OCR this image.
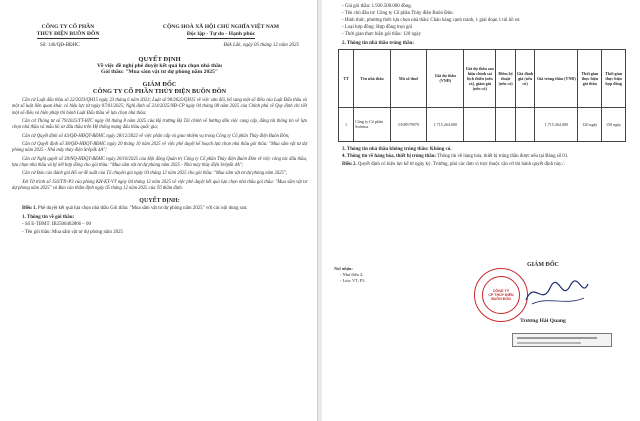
CÔNG TY CỔ PHẦN
THỦY ĐIỆN BUÔN ĐÔN
CỘNG HOÀ XÃ HỘI CHỦ NGHĨA VIỆT NAM
Độc lập - Tự do - Hạnh phúc
Số: 146/QĐ-BĐHC	Đắk Lắk, ngày 05 tháng 12 năm 2025
QUYẾT ĐỊNH
Về việc đề nghị phê duyệt kết quả lựa chọn nhà thầu
Gói thầu: "Mua sắm vật tư dự phòng năm 2025"
GIÁM ĐỐC
CÔNG TY CỔ PHẦN THỦY ĐIỆN BUÔN ĐÔN

Căn cứ Luật đấu thầu số 22/2023/QH15 ngày 23 tháng 6 năm 2023; Luật số 90/2025/QH15 về việc sửa đổi, bổ sung một số điều của Luật Đấu thầu và một số luật liên quan khác có hiệu lực từ ngày 07/01/2025; Nghị định số 214/2025/NĐ-CP ngày 04 tháng 08 năm 2025 của Chính phủ về Quy định chi tiết một số điều và biện pháp thi hành Luật Đấu thầu về lựa chọn nhà thầu;

Căn cứ Thông tư số 79/2025/TT-BTC ngày 04 tháng 8 năm 2025 của Bộ trưởng Bộ Tài chính về hướng dẫn việc cung cấp, đăng tải thông tin về lựa chọn nhà thầu và mẫu hồ sơ đấu thầu trên Hệ thống mạng đấu thầu quốc gia;

Căn cứ Quyết định số 43/QĐ-HĐQT-BĐHC ngày 28/12/2022 về việc phân cấp và giao nhiệm vụ trong Công ty Cổ phần Thủy điện Buôn Đôn;

Căn cứ Quyết định số 38/QĐ-HĐQT-BĐHC ngày 20 tháng 10 năm 2025 về việc phê duyệt kế hoạch lựa chọn nhà thầu gói thầu: "Mua sắm vật tư dự phòng năm 2025 - Nhà máy thủy điện Srêpốk 4A";

Căn cứ Nghị quyết số 39/NQ-HĐQT-BĐHC ngày 20/10/2025 của Hội đồng Quản trị Công ty Cổ phần Thủy điện Buôn Đôn về việc công tác đấu thầu, lựa chọn nhà thầu và ký kết hợp đồng cho gói thầu: "Mua sắm vật tư dự phòng năm 2025 - Nhà máy thủy điện Srêpốk 4A";

Căn cứ Báo cáo đánh giá Hồ sơ đề xuất của Tổ chuyên gia ngày 03 tháng 12 năm 2025 cho gói thầu: "Mua sắm vật tư dự phòng năm 2025";

Xét Tờ trình số 156/TTr-P3 của phòng KH-KT-VT ngày 04 tháng 12 năm 2025 về việc phê duyệt kết quả lựa chọn nhà thầu gói thầu: "Mua sắm vật tư dự phòng năm 2025" và Báo cáo thẩm định ngày 05 tháng 12 năm 2025 của Tổ thẩm định.

QUYẾT ĐỊNH:

Điều 1. Phê duyệt kết quả lựa chọn nhà thầu Gói thầu: "Mua sắm vật tư dự phòng năm 2025" với các nội dung sau:

1. Thông tin về gói thầu:

- Số E-TBMT: IB2500462866 – 00

- Tên gói thầu: Mua sắm vật tư dự phòng năm 2025

- Giá gói thầu: 1.930.500.000 đồng.

- Tên chủ đầu tư: Công ty Cổ phần Thủy điện Buôn Đôn.

- Hình thức, phương thức lựa chọn nhà thầu: Chào hàng cạnh tranh, 1 giai đoạn 1 túi hồ sơ.

- Loại hợp đồng: Hợp đồng trọn gói

- Thời gian thực hiện gói thầu: 120 ngày

2. Thông tin nhà thầu trúng thầu:
TT	Tên nhà thầu	Mã số thuế	Giá dự thầu (VNĐ)	Giá dự thầu sau hiệu chỉnh sai lệch thiếu (nếu có), giảm giá (nếu có)	Điểm kỹ thuật (nếu có)	Giá đánh giá (nếu có)	Giá trúng thầu (VNĐ)	Thời gian thực hiện gói thầu	Thời gian thực hiện hợp đồng
1	Công ty Cổ phần Sodema	0108579979	1.715.264.000				1.715.264.000	120 ngày	150 ngày
3. Thông tin nhà thầu không trúng thầu: Không có.

4. Thông tin về hàng hóa, thiết bị trúng thầu: Thông tin về hàng hóa, thiết bị trúng thầu được nêu tại Bảng số 01.

Điều 2. Quyết định có hiệu lực kể từ ngày ký. Trưởng, phó các đơn vị trực thuộc căn cứ thi hành quyết định này./.

Nơi nhận:
- Như điều 2;
- Lưu: VT, P3.
GIÁM ĐỐC
CÔNG TY
CP THỦY ĐIỆN
BUÔN ĐÔN
Trương Hải Quang
